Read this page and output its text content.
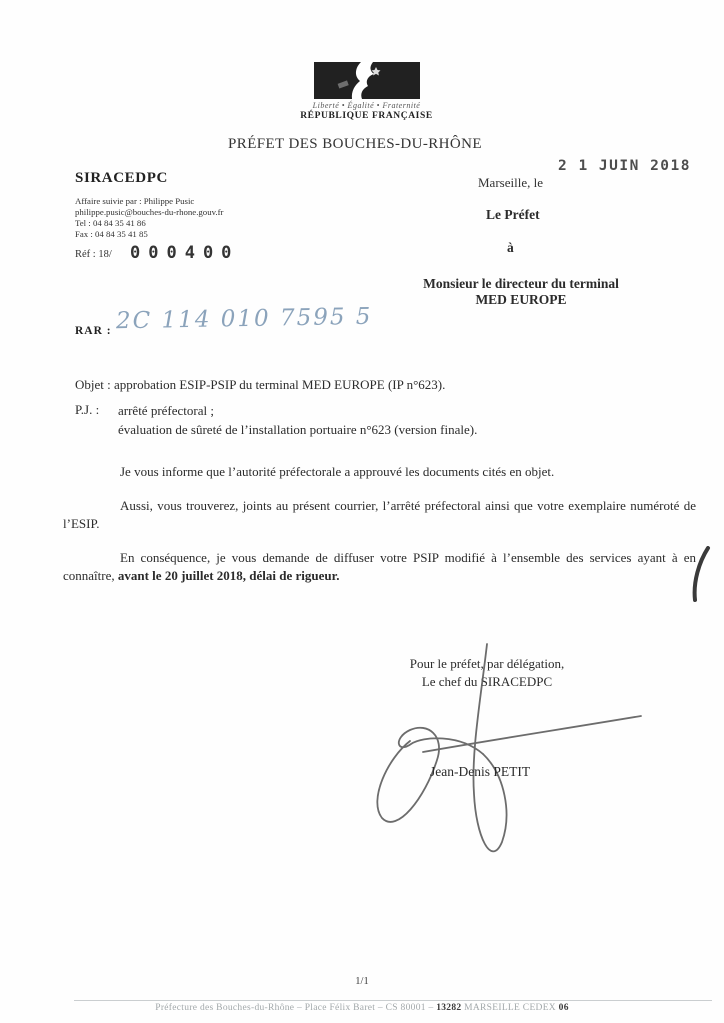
Liberté • Égalité • Fraternité
RÉPUBLIQUE FRANÇAISE
PRÉFET DES BOUCHES-DU-RHÔNE
SIRACEDPC
Affaire suivie par : Philippe Pusic
philippe.pusic@bouches-du-rhone.gouv.fr
Tel : 04 84 35 41 86
Fax : 04 84 35 41 85
Réf : 18/ 000400
Marseille, le
2 1 JUIN 2018
Le Préfet
à
Monsieur le directeur du terminal
MED EUROPE
RAR : 2C 114 010 7595 5
Objet : approbation ESIP-PSIP du terminal MED EUROPE (IP n°623).
P.J. : arrêté préfectoral ;
évaluation de sûreté de l’installation portuaire n°623 (version finale).

Je vous informe que l’autorité préfectorale a approuvé les documents cités en objet.

Aussi, vous trouverez, joints au présent courrier, l’arrêté préfectoral ainsi que votre exemplaire numéroté de l’ESIP.

En conséquence, je vous demande de diffuser votre PSIP modifié à l’ensemble des services ayant à en connaître, avant le 20 juillet 2018, délai de rigueur.

Pour le préfet, par délégation,
Le chef du SIRACEDPC
Jean-Denis PETIT
1/1
Préfecture des Bouches-du-Rhône – Place Félix Baret – CS 80001 – 13282 MARSEILLE CEDEX 06
